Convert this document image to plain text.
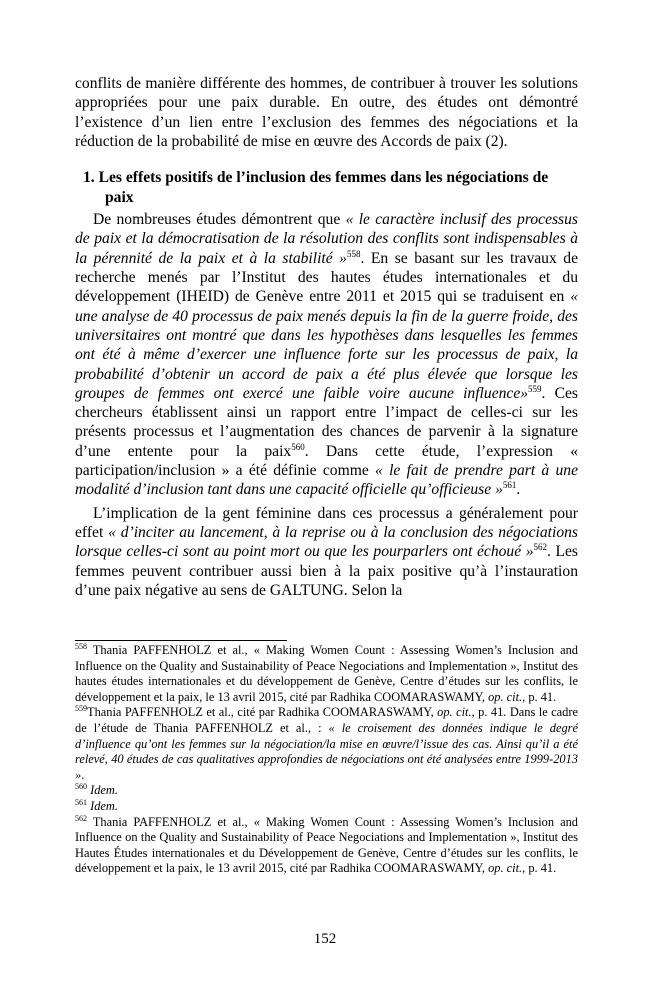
conflits de manière différente des hommes, de contribuer à trouver les solutions appropriées pour une paix durable. En outre, des études ont démontré l’existence d’un lien entre l’exclusion des femmes des négociations et la réduction de la probabilité de mise en œuvre des Accords de paix (2).

1. Les effets positifs de l’inclusion des femmes dans les négociations de paix

De nombreuses études démontrent que « le caractère inclusif des processus de paix et la démocratisation de la résolution des conflits sont indispensables à la pérennité de la paix et à la stabilité »$^{558}$. En se basant sur les travaux de recherche menés par l’Institut des hautes études internationales et du développement (IHEID) de Genève entre 2011 et 2015 qui se traduisent en « une analyse de 40 processus de paix menés depuis la fin de la guerre froide, des universitaires ont montré que dans les hypothèses dans lesquelles les femmes ont été à même d’exercer une influence forte sur les processus de paix, la probabilité d’obtenir un accord de paix a été plus élevée que lorsque les groupes de femmes ont exercé une faible voire aucune influence»$^{559}$. Ces chercheurs établissent ainsi un rapport entre l’impact de celles-ci sur les présents processus et l’augmentation des chances de parvenir à la signature d’une entente pour la paix$^{560}$. Dans cette étude, l’expression « participation/inclusion » a été définie comme « le fait de prendre part à une modalité d’inclusion tant dans une capacité officielle qu’officieuse »$^{561}$.

L’implication de la gent féminine dans ces processus a généralement pour effet « d’inciter au lancement, à la reprise ou à la conclusion des négociations lorsque celles-ci sont au point mort ou que les pourparlers ont échoué »$^{562}$. Les femmes peuvent contribuer aussi bien à la paix positive qu’à l’instauration d’une paix négative au sens de GALTUNG. Selon la

$^{558}$ Thania PAFFENHOLZ et al., « Making Women Count : Assessing Women’s Inclusion and Influence on the Quality and Sustainability of Peace Negociations and Implementation », Institut des hautes études internationales et du développement de Genève, Centre d’études sur les conflits, le développement et la paix, le 13 avril 2015, cité par Radhika COOMARASWAMY, op. cit., p. 41.

$^{559}$Thania PAFFENHOLZ et al., cité par Radhika COOMARASWAMY, op. cit., p. 41. Dans le cadre de l’étude de Thania PAFFENHOLZ et al., : « le croisement des données indique le degré d’influence qu’ont les femmes sur la négociation/la mise en œuvre/l’issue des cas. Ainsi qu’il a été relevé, 40 études de cas qualitatives approfondies de négociations ont été analysées entre 1999-2013 ».

$^{560}$ Idem.

$^{561}$ Idem.

$^{562}$ Thania PAFFENHOLZ et al., « Making Women Count : Assessing Women’s Inclusion and Influence on the Quality and Sustainability of Peace Negociations and Implementation », Institut des Hautes Études internationales et du Développement de Genève, Centre d’études sur les conflits, le développement et la paix, le 13 avril 2015, cité par Radhika COOMARASWAMY, op. cit., p. 41.

152
